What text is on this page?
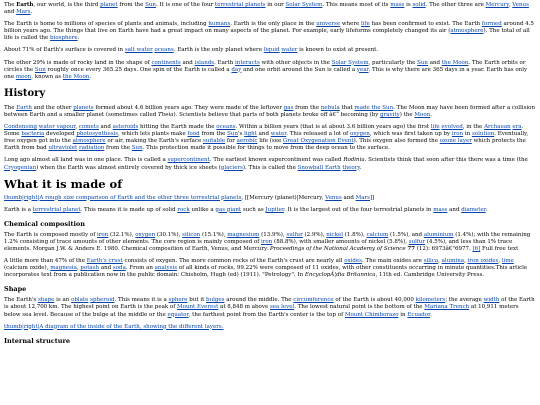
The Earth, our world, is the third planet from the Sun. It is one of the four terrestrial planets in our Solar System. This means most of its mass is solid. The other three are Mercury, Venus and Mars.

The Earth is home to millions of species of plants and animals, including humans. Earth is the only place in the universe where life has been confirmed to exist. The Earth formed around 4.5 billion years ago. The things that live on Earth have had a great impact on many aspects of the planet. For example, early lifeforms completely changed its air (atmosphere). The total of all life is called the biosphere.

About 71% of Earth's surface is covered in salt water oceans. Earth is the only planet where liquid water is known to exist at present.

The other 29% is made of rocky land in the shape of continents and islands. Earth interacts with other objects in the Solar System, particularly the Sun and the Moon. The Earth orbits or circles the Sun roughly once every 365.25 days. One spin of the Earth is called a day and one orbit around the Sun is called a year. This is why there are 365 days in a year. Earth has only one moon, known as the Moon.

History

The Earth and the other planets formed about 4.6 billion years ago. They were made of the leftover gas from the nebula that made the Sun. The Moon may have been formed after a collision between Earth and a smaller planet (sometimes called Theia). Scientists believe that parts of both planets broke off â€“ becoming (by gravity) the Moon.

Condensing water vapour, comets and asteroids hitting the Earth made the oceans. Within a billion years (that is at about 3.6 billion years ago) the first life evolved, in the Archaean era. Some bacteria developed photosynthesis, which lets plants make food from the Sun's light and water. This released a lot of oxygen, which was first taken up by iron in solution. Eventually, free oxygen got into the atmosphere or air, making the Earth's surface suitable for aerobic life (see Great Oxygenation Event). This oxygen also formed the ozone layer which protects the Earth from bad ultraviolet radiation from the Sun. This protection made it possible for things to move from the deep ocean to the surface.

Long ago almost all land was in one place. This is called a supercontinent. The earliest known supercontinent was called Rodinia. Scientists think that soon after this there was a time (the Cryogenian) when the Earth was almost entirely covered by thick ice sheets (glaciers). This is called the Snowball Earth theory.

What it is made of

thumb|right|A rough size comparison of Earth and the other three terrestrial planets, [[Mercury (planet)|Mercury, Venus and Mars]]

Earth is a terrestrial planet. This means it is made up of solid rock unlike a gas giant such as Jupiter. It is the largest out of the four terrestrial planets in mass and diameter.

Chemical composition

The Earth is composed mostly of iron (32.1%), oxygen (30.1%), silicon (15.1%), magnesium (13.9%), sulfur (2.9%), nickel (1.8%), calcium (1.5%), and aluminium (1.4%); with the remaining 1.2% consisting of trace amounts of other elements. The core region is mainly composed of iron (88.8%), with smaller amounts of nickel (5.8%), sulfur (4.5%), and less than 1% trace elements. Morgan J.W. & Anders E. 1980. Chemical composition of Earth, Venus, and Mercury. Proceedings of the National Academy of Science 77 (12): 6973â€"6977. [6] Full free text

A little more than 47% of the Earth's crust consists of oxygen. The more common rocks of the Earth's crust are nearly all oxides. The main oxides are silica, alumina, iron oxides, lime (calcium oxide), magnesia, potash and soda. From an analysis of all kinds of rocks, 99.22% were composed of 11 oxides, with other constituents occurring in minute quantities.This article incorporates text from a publication now in the public domain: Chisholm, Hugh (ed) (1911). "Petrology". In EncyclopÃ¦dia Britannica, 11th ed. Cambridge University Press.

Shape

The Earth's shape is an oblate spheroid. This means it is a sphere but it bulges around the middle. The circumference of the Earth is about 40,000 kilometers; the average width of the Earth is about 12,700 km. The highest point on Earth is the peak of Mount Everest at 8,848 m above sea level. The lowest natural point is the bottom of the Mariana Trench at 10,911 meters below sea level. Because of the bulge at the middle or the equator, the farthest point from the Earth's center is the top of Mount Chimborazo in Ecuador.

thumb|right|A diagram of the inside of the Earth, showing the different layers.

Internal structure
